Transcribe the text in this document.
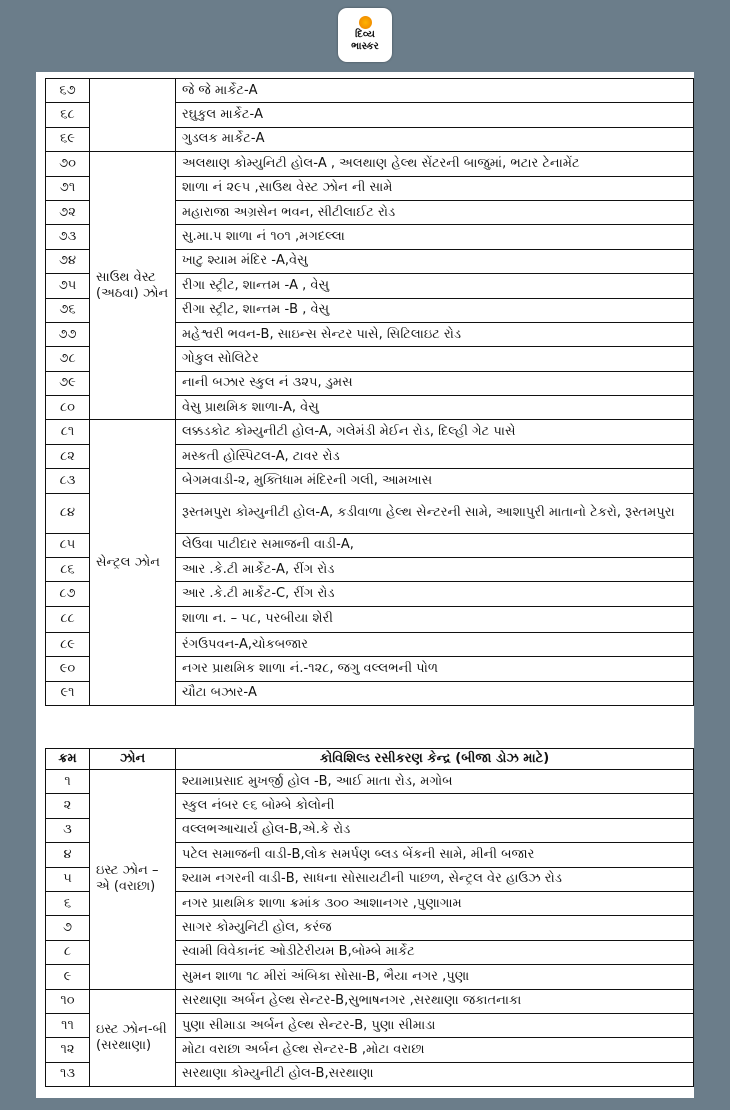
દિવ્ય
ભાસ્કર
૬૭		જે જે માર્કેટ-A
૬૮		રઘુકુલ માર્કેટ-A
૬૯		ગુડલક માર્કેટ-A
૭૦	સાઉથ વેસ્ટ (અઠવા) ઝોન	અલથાણ કોમ્યુનિટી હોલ-A , અલથાણ હેલ્થ સેંટરની બાજુમાં, ભટાર ટેનામેંટ
૭૧		શાળા નં ૨૯૫ ,સાઉથ વેસ્ટ ઝોન ની સામે
૭૨		મહારાજા અગ્રસેન ભવન, સીટીલાઈટ રોડ
૭૩		સુ.મા.૫ શાળા નં ૧૦૧ ,મગદલ્લા
૭૪		ખાટુ શ્યામ મંદિર -A,વેસુ
૭૫		રીગા સ્ટ્રીટ, શાન્તમ -A , વેસુ
૭૬		રીગા સ્ટ્રીટ, શાન્તમ -B , વેસુ
૭૭		મહેશ્વરી ભવન-B, સાઇન્સ સેન્ટર પાસે, સિટિલાઇટ રોડ
૭૮		ગોકુલ સોલિટેર
૭૯		નાની બઝાર સ્કુલ નં ૩૨૫, ડુમસ
૮૦		વેસુ પ્રાથમિક શાળા-A, વેસુ
૮૧	સેન્ટ્રલ ઝોન	લક્કડકોટ કોમ્યુનીટી હોલ-A, ગલેમંડી મેઈન રોડ, દિલ્હી ગેટ પાસે
૮૨		મસ્કતી હોસ્પિટલ-A, ટાવર રોડ
૮૩		બેગમવાડી-૨, મુક્તિધામ મંદિરની ગલી, આમખાસ
૮૪		રૂસ્તમપુરા કોમ્યુનીટી હોલ-A, કડીવાળા હેલ્થ સેન્ટરની સામે, આશાપુરી માતાનો ટેકરો, રૂસ્તમપુરા
૮૫		લેઉવા પાટીદાર સમાજની વાડી-A,
૮૬		આર .કે.ટી માર્કેટ-A, રીંગ રોડ
૮૭		આર .કે.ટી માર્કેટ-C, રીંગ રોડ
૮૮		શાળા ન. – ૫૮, પરબીયા શેરી
૮૯		રંગઉપવન-A,ચોકબજાર
૯૦		નગર પ્રાથમિક શાળા નં.-૧૨૮, જગુ વલ્લભની પોળ
૯૧		ચૌટા બઝાર-A
ક્રમ	ઝોન	કોવિશિલ્ડ રસીકરણ કેન્દ્ર (બીજા ડોઝ માટે)
૧	ઇસ્ટ ઝોન – એ (વરાછા)	શ્યામાપ્રસાદ મુખર્જી હોલ -B, આઈ માતા રોડ, મગોબ
૨		સ્કુલ નંબર ૯૬ બોમ્બે કોલોની
૩		વલ્લભઆચાર્ય હોલ-B,એ.કે રોડ
૪		પટેલ સમાજની વાડી-B,લોક સમર્પણ બ્લડ બેંકની સામે, મીની બજાર
૫		શ્યામ નગરની વાડી-B, સાધના સોસાયટીની પાછળ, સેન્ટ્રલ વેર હાઉઝ રોડ
૬		નગર પ્રાથમિક શાળા ક્રમાંક ૩૦૦ આશાનગર ,પુણાગામ
૭		સાગર કોમ્યુનિટી હોલ, કરંજ
૮		સ્વામી વિવેકાનંદ ઓડીટેરીયમ B,બોમ્બે માર્કેટ
૯		સુમન શાળા ૧૮ મીરાં અંબિકા સોસા-B, ભૈયા નગર ,પુણા
૧૦	ઇસ્ટ ઝોન-બી (સરથાણા)	સરથાણા અર્બન હેલ્થ સેન્ટર-B,સુભાષનગર ,સરથાણા જકાતનાકા
૧૧		પુણા સીમાડા અર્બન હેલ્થ સેન્ટર-B, પુણા સીમાડા
૧૨		મોટા વરાછા અર્બન હેલ્થ સેન્ટર-B ,મોટા વરાછા
૧૩		સરથાણા કોમ્યુનીટી હોલ-B,સરથાણા
